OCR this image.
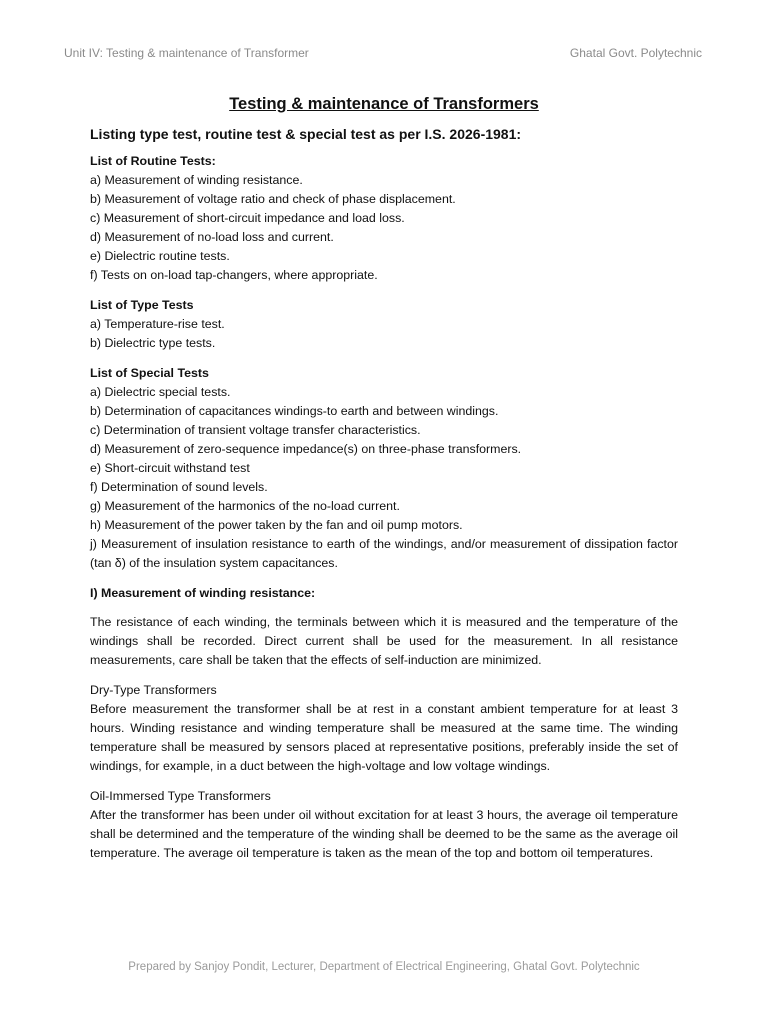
Unit IV: Testing & maintenance of Transformer	Ghatal Govt. Polytechnic
Testing & maintenance of Transformers
Listing type test, routine test & special test as per I.S. 2026-1981:
List of Routine Tests:
a) Measurement of winding resistance.
b) Measurement of voltage ratio and check of phase displacement.
c) Measurement of short-circuit impedance and load loss.
d) Measurement of no-load loss and current.
e) Dielectric routine tests.
f) Tests on on-load tap-changers, where appropriate.
List of Type Tests
a) Temperature-rise test.
b) Dielectric type tests.
List of Special Tests
a) Dielectric special tests.
b) Determination of capacitances windings-to earth and between windings.
c) Determination of transient voltage transfer characteristics.
d) Measurement of zero-sequence impedance(s) on three-phase transformers.
e) Short-circuit withstand test
f) Determination of sound levels.
g) Measurement of the harmonics of the no-load current.
h) Measurement of the power taken by the fan and oil pump motors.
j) Measurement of insulation resistance to earth of the windings, and/or measurement of dissipation factor (tan δ) of the insulation system capacitances.
I) Measurement of winding resistance:
The resistance of each winding, the terminals between which it is measured and the temperature of the windings shall be recorded. Direct current shall be used for the measurement. In all resistance measurements, care shall be taken that the effects of self-induction are minimized.
Dry-Type Transformers
Before measurement the transformer shall be at rest in a constant ambient temperature for at least 3 hours. Winding resistance and winding temperature shall be measured at the same time. The winding temperature shall be measured by sensors placed at representative positions, preferably inside the set of windings, for example, in a duct between the high-voltage and low voltage windings.
Oil-Immersed Type Transformers
After the transformer has been under oil without excitation for at least 3 hours, the average oil temperature shall be determined and the temperature of the winding shall be deemed to be the same as the average oil temperature. The average oil temperature is taken as the mean of the top and bottom oil temperatures.
Prepared by Sanjoy Pondit, Lecturer, Department of Electrical Engineering, Ghatal Govt. Polytechnic
